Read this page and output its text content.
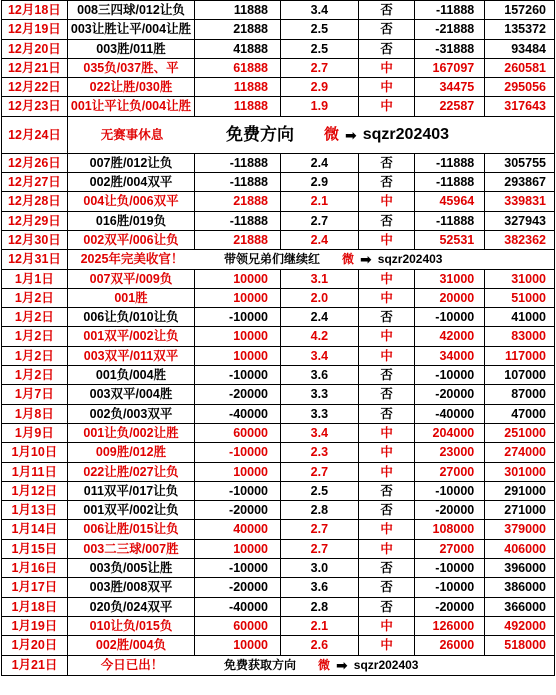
12月18日	008三四球/012让负	11888	3.4	否	-11888	157260
12月19日 003让胜让平/004让胜	21888	2.5	否	-21888	135372
12月20日	003胜/011胜	41888	2.5	否	-31888	93484
12月21日	035负/037胜、平	61888	2.7	中	167097	260581
12月22日	022让胜/030胜	11888	2.9	中	34475	295056
12月23日 001让平让负/004让胜	11888	1.9	中	22587	317643
12月24日	无赛事休息	免费方向 微 ➡ sqzr202403
12月26日	007胜/012让负	-11888	2.4	否	-11888	305755
12月27日	002胜/004双平	-11888	2.9	否	-11888	293867
12月28日	004让负/006双平	21888	2.1	中	45964	339831
12月29日	016胜/019负	-11888	2.7	否	-11888	327943
12月30日	002双平/006让负	21888	2.4	中	52531	382362
12月31日	2025年完美收官！	带领兄弟们继续红 微 ➡ sqzr202403
1月1日	007双平/009负	10000	3.1	中	31000	31000
1月2日	001胜	10000	2.0	中	20000	51000
1月2日	006让负/010让负	-10000	2.4	否	-10000	41000
1月2日	001双平/002让负	10000	4.2	中	42000	83000
1月2日	003双平/011双平	10000	3.4	中	34000	117000
1月2日	001负/004胜	-10000	3.6	否	-10000	107000
1月7日	003双平/004胜	-20000	3.3	否	-20000	87000
1月8日	002负/003双平	-40000	3.3	否	-40000	47000
1月9日	001让负/002让胜	60000	3.4	中	204000	251000
1月10日	009胜/012胜	-10000	2.3	中	23000	274000
1月11日	022让胜/027让负	10000	2.7	中	27000	301000
1月12日	011双平/017让负	-10000	2.5	否	-10000	291000
1月13日	001双平/002让负	-20000	2.8	否	-20000	271000
1月14日	006让胜/015让负	40000	2.7	中	108000	379000
1月15日	003二三球/007胜	10000	2.7	中	27000	406000
1月16日	003负/005让胜	-10000	3.0	否	-10000	396000
1月17日	003胜/008双平	-20000	3.6	否	-10000	386000
1月18日	020负/024双平	-40000	2.8	否	-20000	366000
1月19日	010让负/015负	60000	2.1	中	126000	492000
1月20日	002胜/004负	10000	2.6	中	26000	518000
1月21日	今日已出！	免费获取方向 微 ➡ sqzr202403
